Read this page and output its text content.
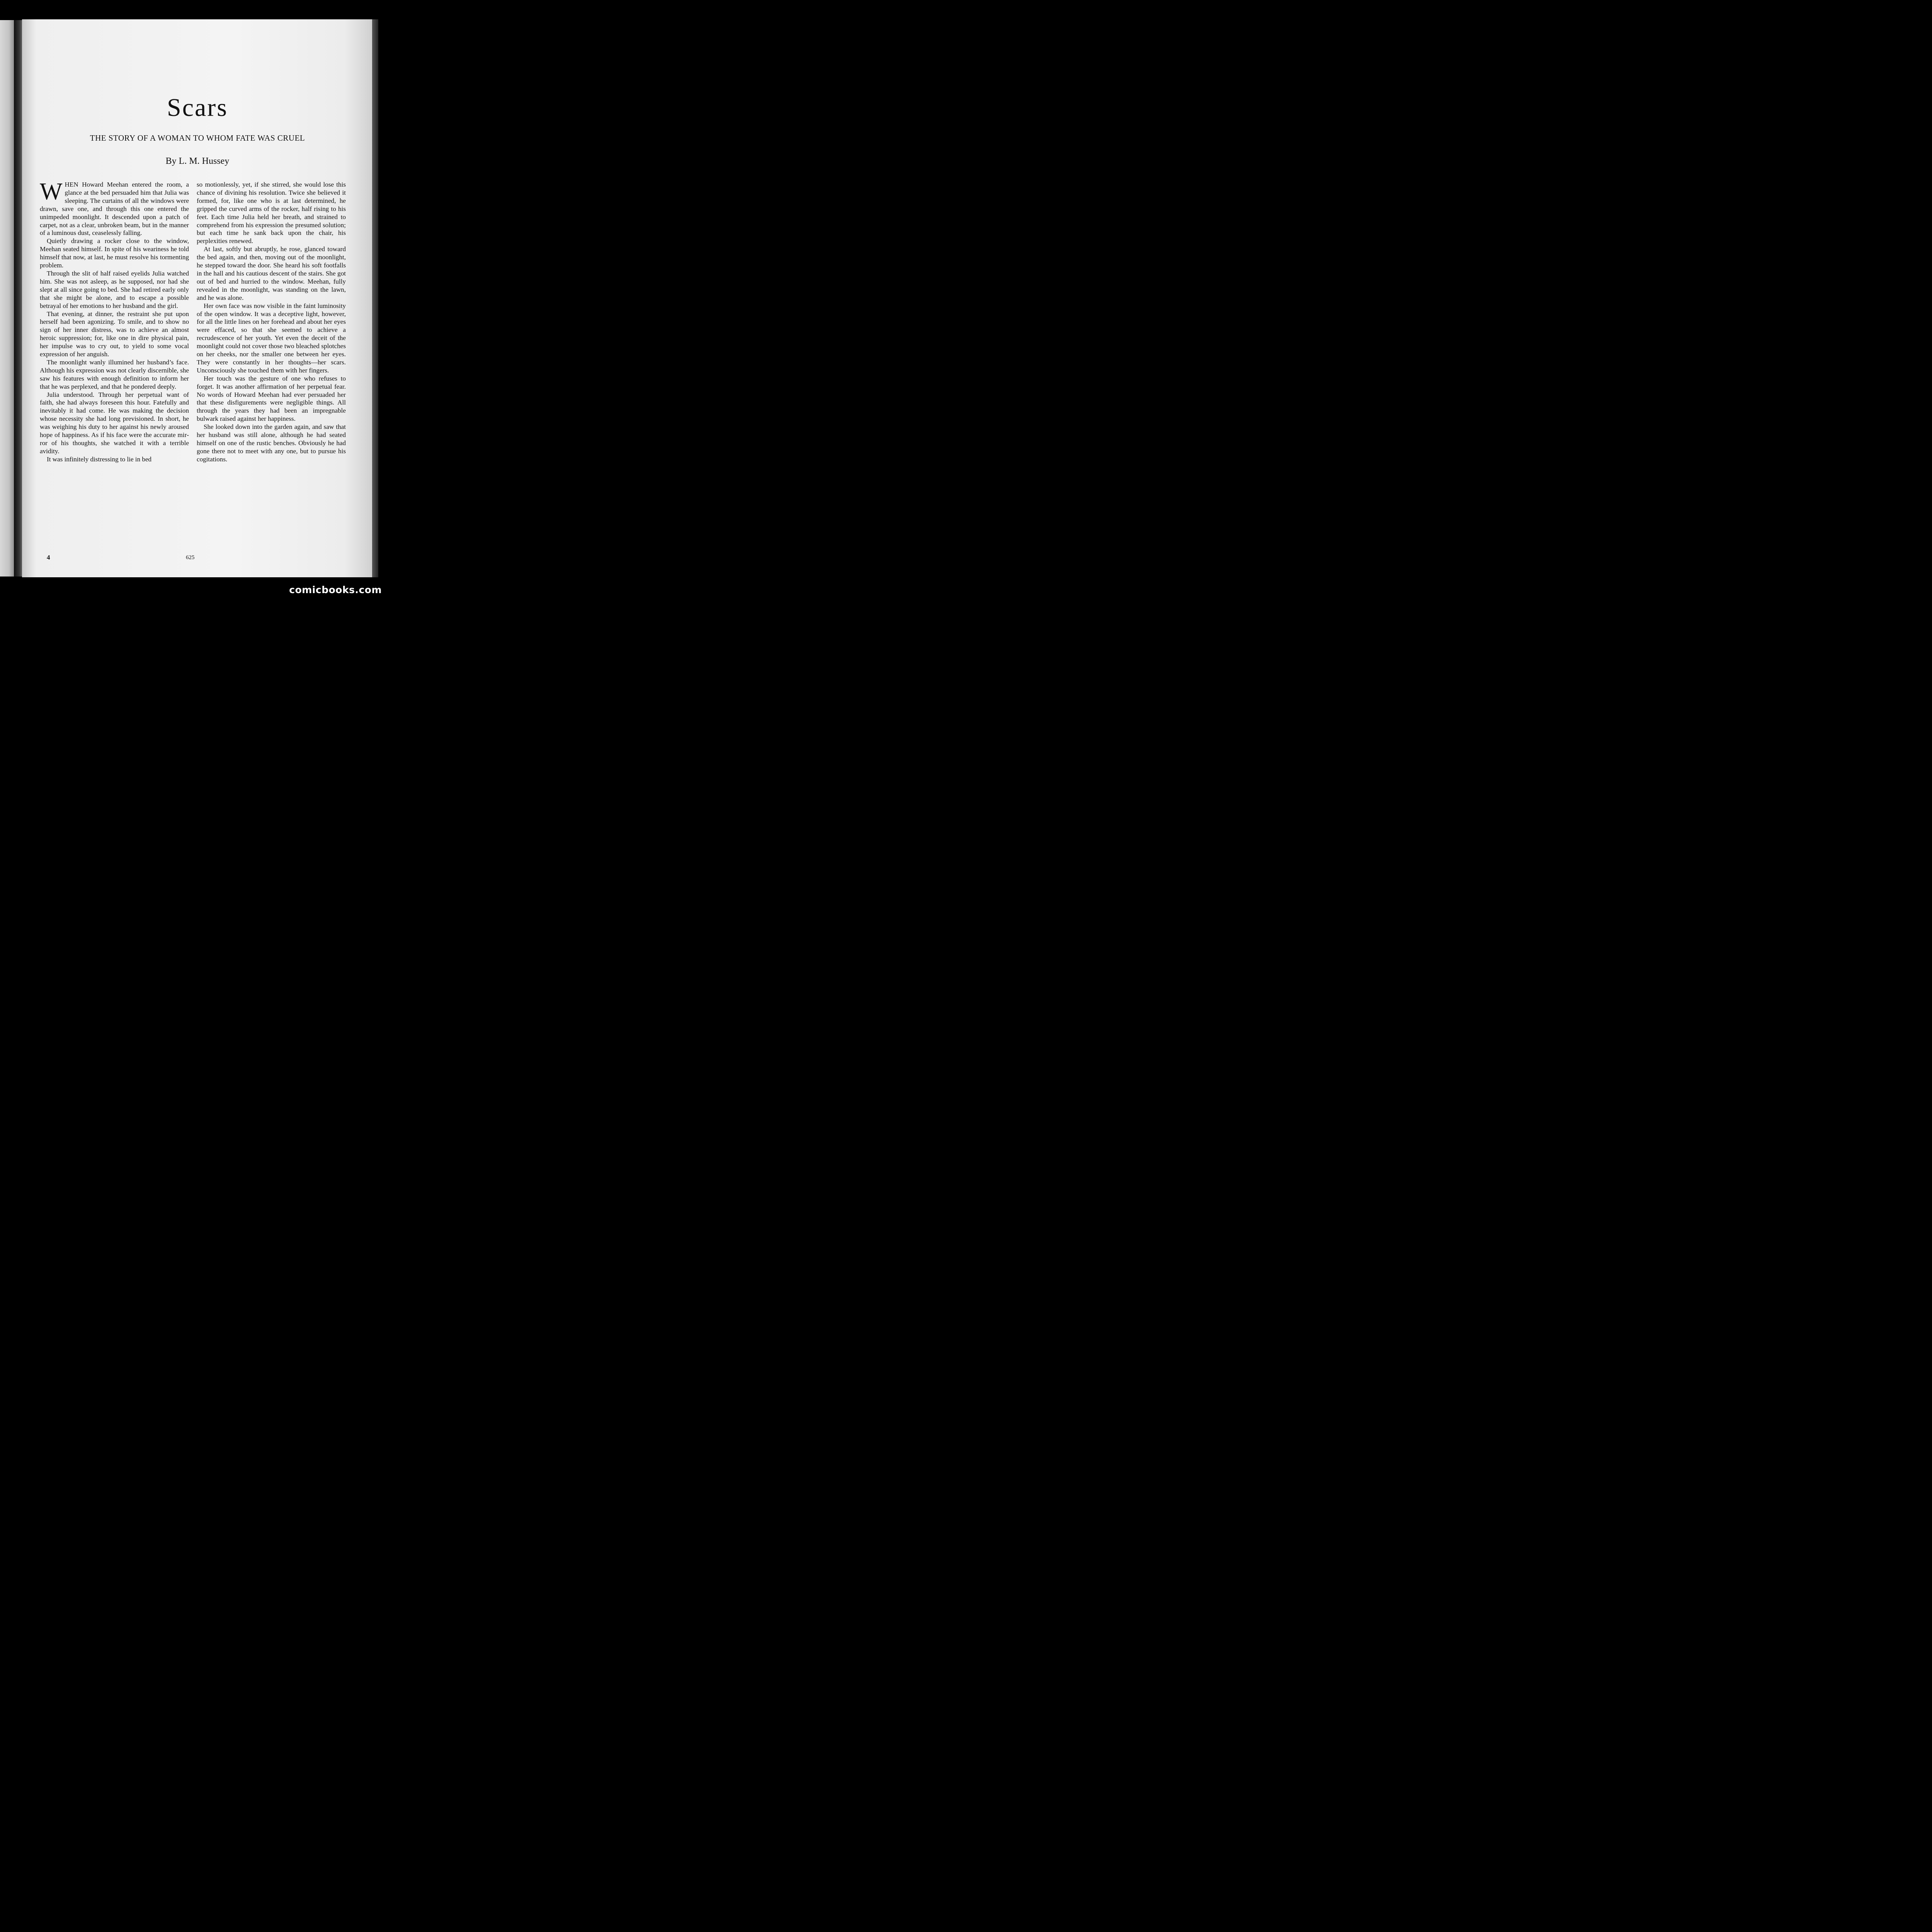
Scars
THE STORY OF A WOMAN TO WHOM FATE WAS CRUEL
By L. M. Hussey

WHEN Howard Meehan entered the room, a glance at the bed persuaded him that Julia was sleeping. The curtains of all the windows were drawn, save one, and through this one entered the unimpeded moonlight. It descended upon a patch of carpet, not as a clear, unbroken beam, but in the manner of a luminous dust, ceaselessly falling.

Quietly drawing a rocker close to the window, Meehan seated himself. In spite of his weariness he told himself that now, at last, he must resolve his tormenting problem.

Through the slit of half raised eyelids Julia watched him. She was not asleep, as he supposed, nor had she slept at all since going to bed. She had retired early only that she might be alone, and to escape a possible betrayal of her emotions to her husband and the girl.

That evening, at dinner, the restraint she put upon herself had been agonizing. To smile, and to show no sign of her inner distress, was to achieve an almost heroic suppression; for, like one in dire physical pain, her impulse was to cry out, to yield to some vocal expression of her anguish.

The moonlight wanly illumined her husband’s face. Although his expression was not clearly discernible, she saw his features with enough definition to inform her that he was perplexed, and that he pondered deeply.

Julia understood. Through her perpetual want of faith, she had always foreseen this hour. Fatefully and inevitably it had come. He was making the decision whose necessity she had long previsioned. In short, he was weighing his duty to her against his newly aroused hope of happiness. As if his face were the accurate mirror of his thoughts, she watched it with a terrible avidity.

It was infinitely distressing to lie in bed

so motionlessly, yet, if she stirred, she would lose this chance of divining his resolution. Twice she believed it formed, for, like one who is at last determined, he gripped the curved arms of the rocker, half rising to his feet. Each time Julia held her breath, and strained to comprehend from his expression the presumed solution; but each time he sank back upon the chair, his perplexities renewed.

At last, softly but abruptly, he rose, glanced toward the bed again, and then, moving out of the moonlight, he stepped toward the door. She heard his soft footfalls in the hall and his cautious descent of the stairs. She got out of bed and hurried to the window. Meehan, fully revealed in the moonlight, was standing on the lawn, and he was alone.

Her own face was now visible in the faint luminosity of the open window. It was a deceptive light, however, for all the little lines on her forehead and about her eyes were effaced, so that she seemed to achieve a recrudescence of her youth. Yet even the deceit of the moonlight could not cover those two bleached splotches on her cheeks, nor the smaller one between her eyes. They were constantly in her thoughts—her scars. Unconsciously she touched them with her fingers.

Her touch was the gesture of one who refuses to forget. It was another affirmation of her perpetual fear. No words of Howard Meehan had ever persuaded her that these disfigurements were negligible things. All through the years they had been an impregnable bulwark raised against her happiness.

She looked down into the garden again, and saw that her husband was still alone, although he had seated himself on one of the rustic benches. Obviously he had gone there not to meet with any one, but to pursue his cogitations.

4	625
comicbooks.com
